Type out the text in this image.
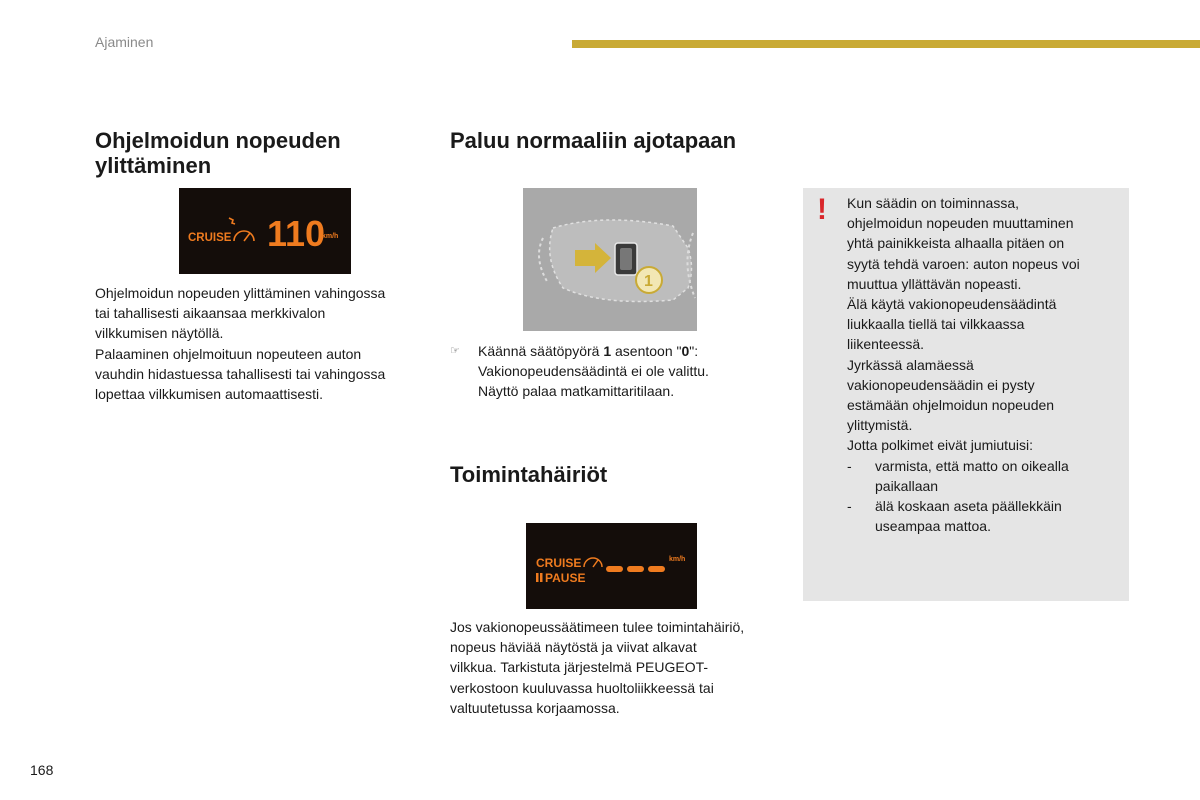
Ajaminen
Ohjelmoidun nopeuden ylittäminen
CRUISE 110
km/h

Ohjelmoidun nopeuden ylittäminen vahingossa

tai tahallisesti aikaansaa merkkivalon

vilkkumisen näytöllä.

Palaaminen ohjelmoituun nopeuteen auton

vauhdin hidastuessa tahallisesti tai vahingossa

lopettaa vilkkumisen automaattisesti.

Paluu normaaliin ajotapaan
1
☞ Käännä säätöpyörä 1 asentoon "0":
Vakionopeudensäädintä ei ole valittu.
Näyttö palaa matkamittaritilaan.
Toimintahäiriöt
CRUISE
PAUSE
km/h

Jos vakionopeussäätimeen tulee toimintahäiriö,

nopeus häviää näytöstä ja viivat alkavat

vilkkua. Tarkistuta järjestelmä PEUGEOT-

verkostoon kuuluvassa huoltoliikkeessä tai

valtuutetussa korjaamossa.

! Kun säädin on toiminnassa,
ohjelmoidun nopeuden muuttaminen
yhtä painikkeista alhaalla pitäen on
syytä tehdä varoen: auton nopeus voi
muuttua yllättävän nopeasti.
Älä käytä vakionopeudensäädintä
liukkaalla tiellä tai vilkkaassa
liikenteessä.
Jyrkässä alamäessä
vakionopeudensäädin ei pysty
estämään ohjelmoidun nopeuden
ylittymistä.
Jotta polkimet eivät jumiutuisi:
- varmista, että matto on oikealla
paikallaan
- älä koskaan aseta päällekkäin
useampaa mattoa.
168
